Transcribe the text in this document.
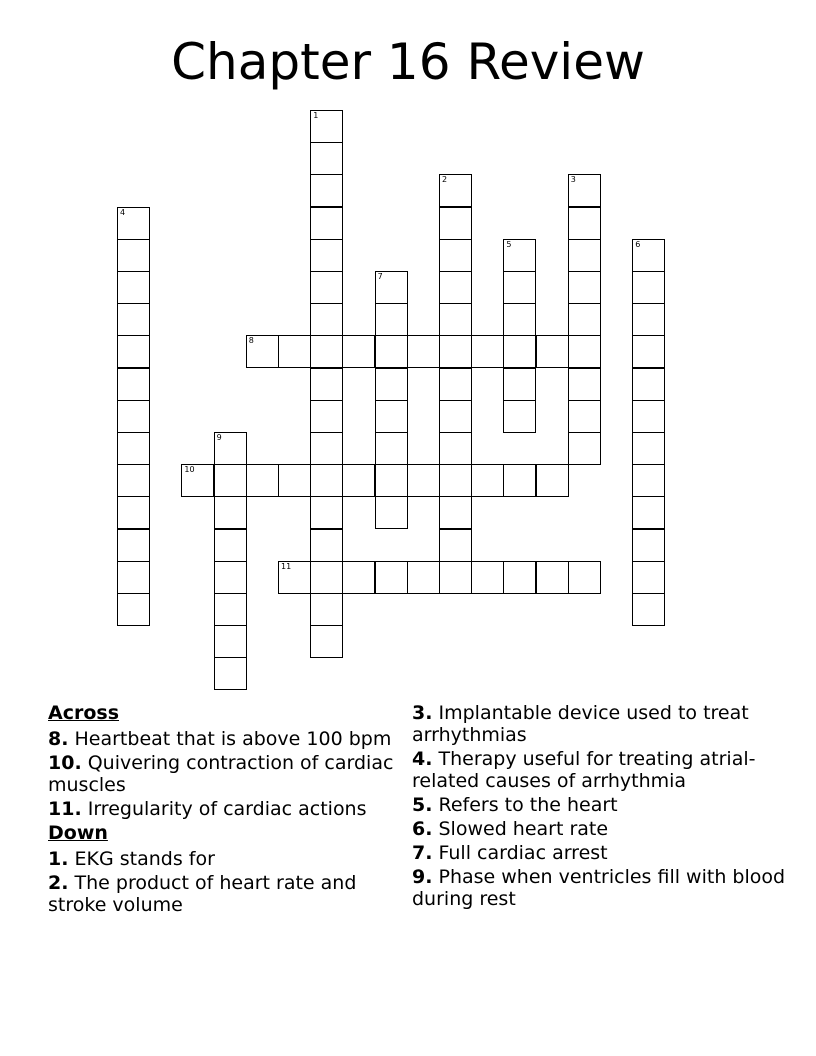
Chapter 16 Review
1
2	3
4
5	6
7
8
9
10
11
Across
8. Heartbeat that is above 100 bpm
10. Quivering contraction of cardiac muscles
11. Irregularity of cardiac actions
Down
1. EKG stands for
2. The product of heart rate and stroke volume
3. Implantable device used to treat arrhythmias
4. Therapy useful for treating atrial-related causes of arrhythmia
5. Refers to the heart
6. Slowed heart rate
7. Full cardiac arrest
9. Phase when ventricles fill with blood during rest
